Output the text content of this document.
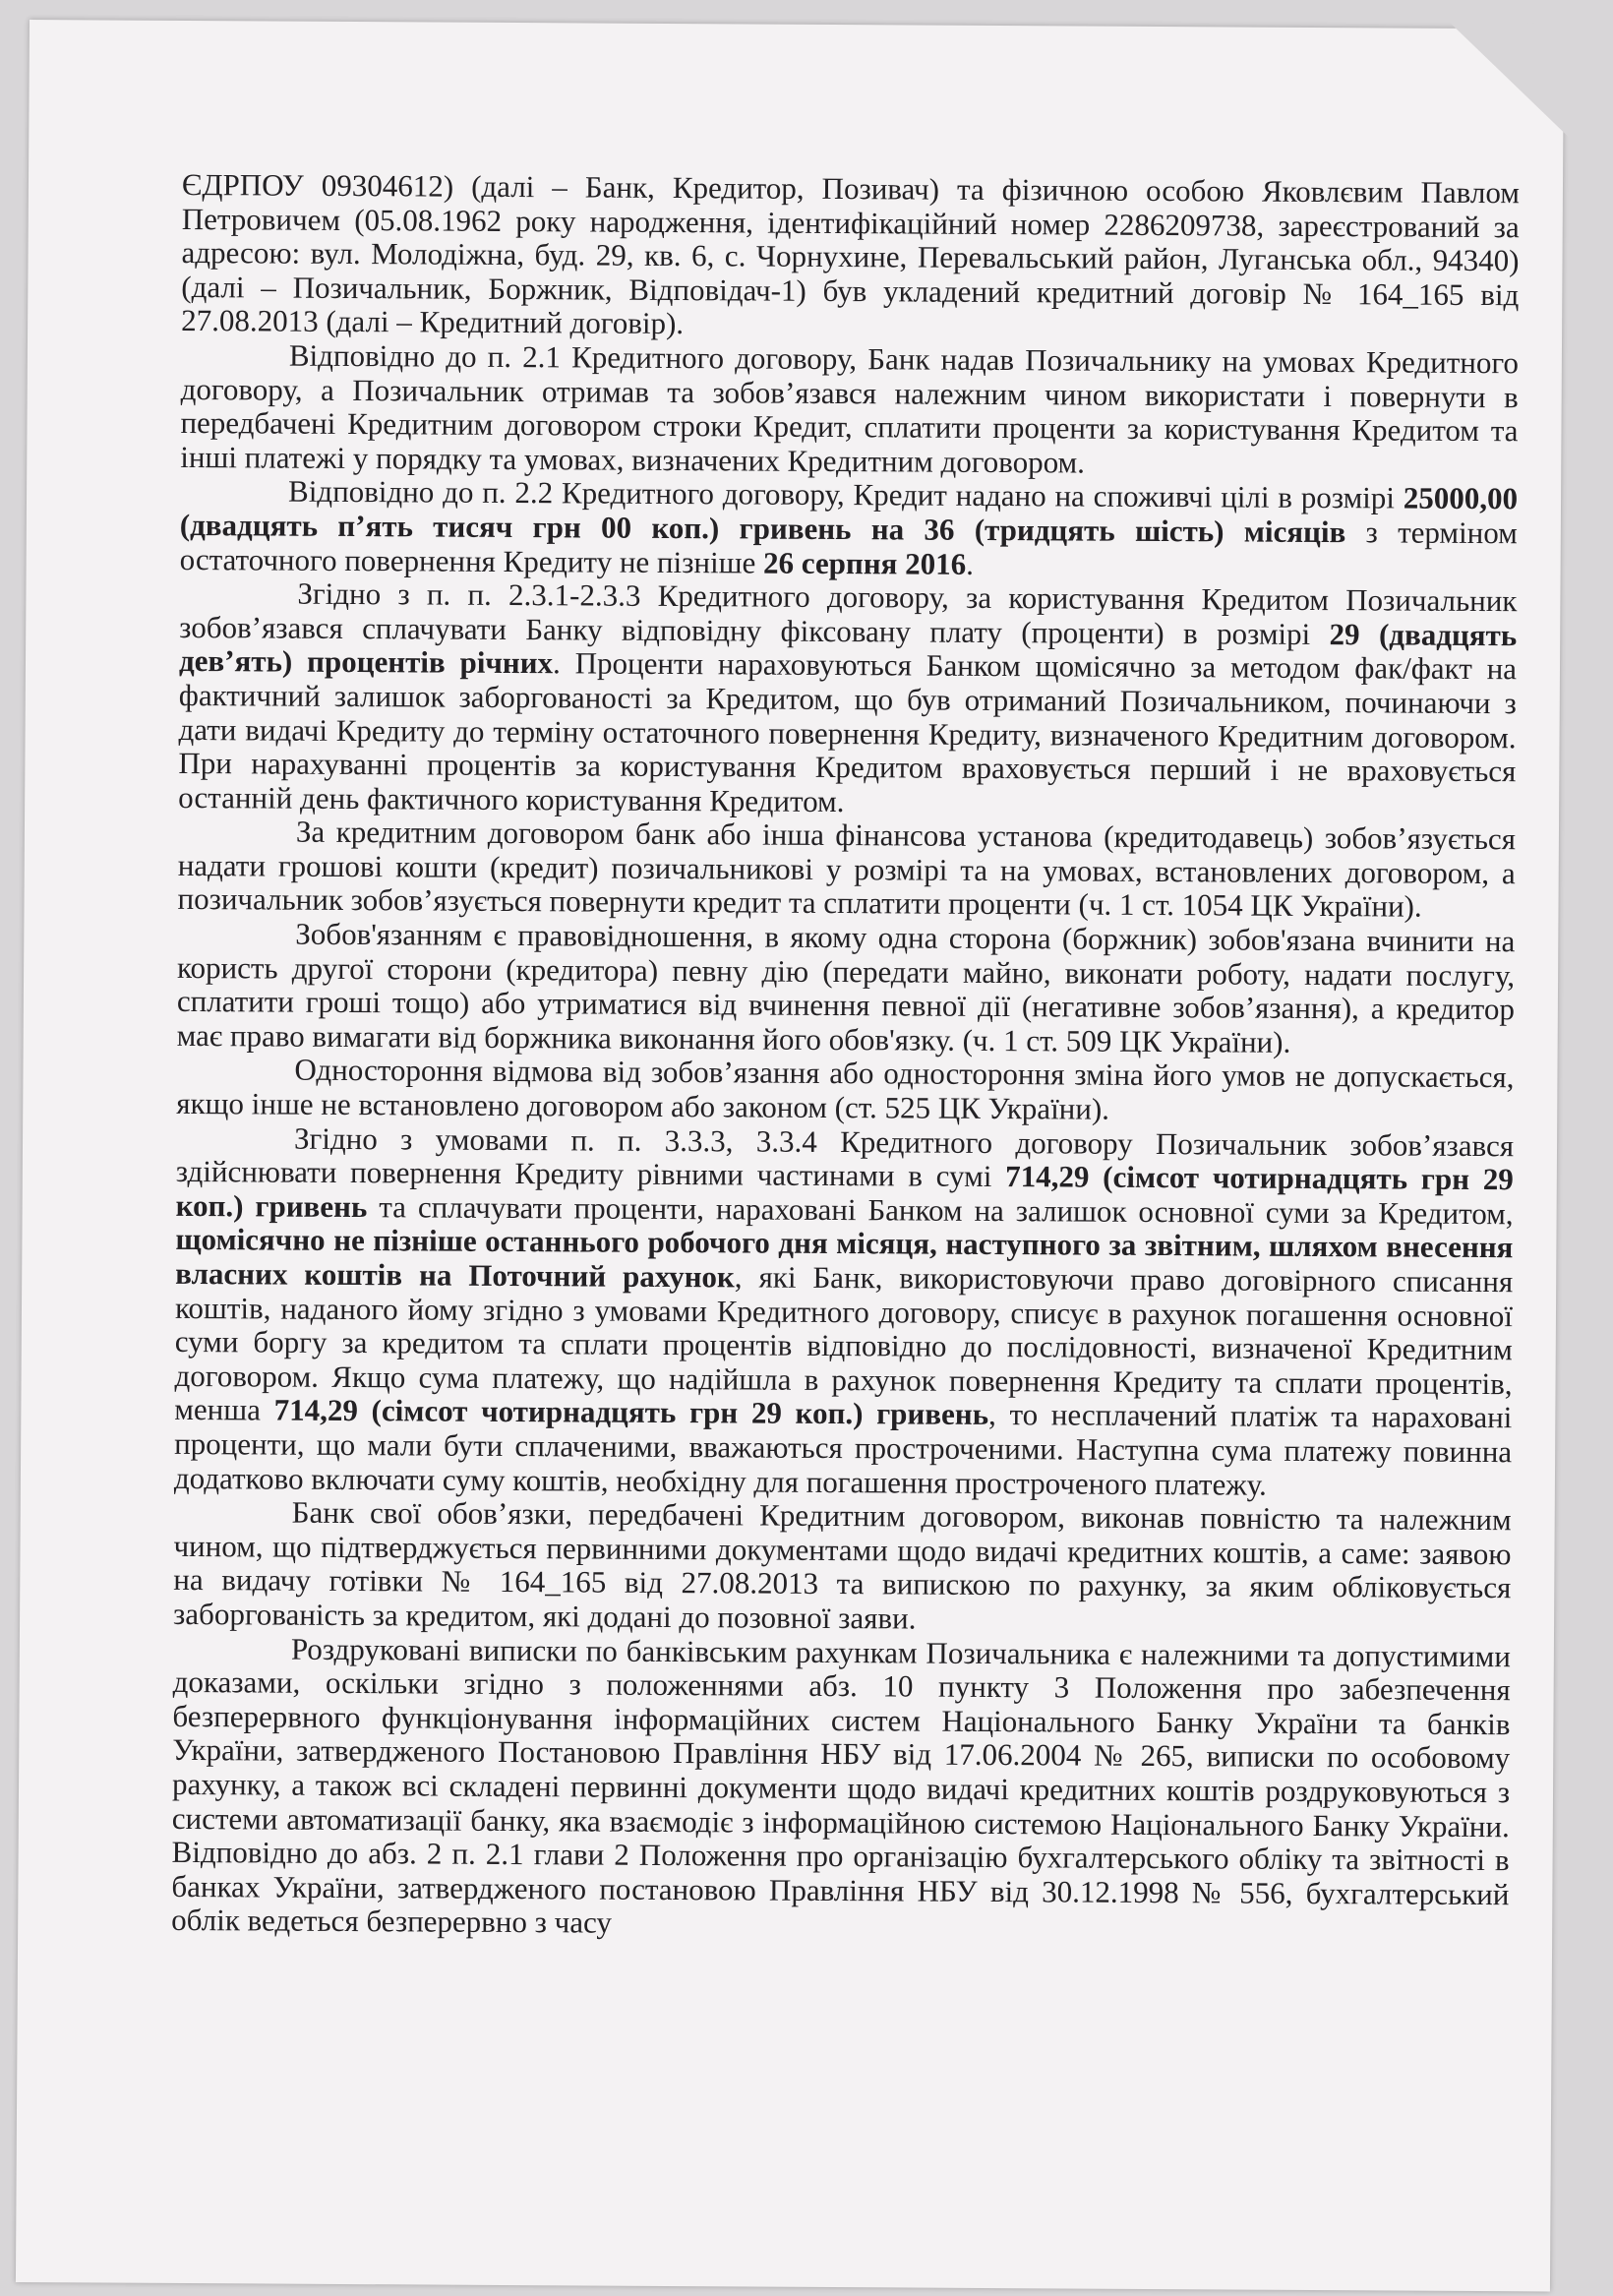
ЄДРПОУ 09304612) (далі – Банк, Кредитор, Позивач) та фізичною особою Яковлєвим Павлом Петровичем (05.08.1962 року народження, ідентифікаційний номер 2286209738, зареєстрований за адресою: вул. Молодіжна, буд. 29, кв. 6, с. Чорнухине, Перевальський район, Луганська обл., 94340) (далі – Позичальник, Боржник, Відповідач-1) був укладений кредитний договір № 164_165 від 27.08.2013 (далі – Кредитний договір).

Відповідно до п. 2.1 Кредитного договору, Банк надав Позичальнику на умовах Кредитного договору, а Позичальник отримав та зобов’язався належним чином використати і повернути в передбачені Кредитним договором строки Кредит, сплатити проценти за користування Кредитом та інші платежі у порядку та умовах, визначених Кредитним договором.

Відповідно до п. 2.2 Кредитного договору, Кредит надано на споживчі цілі в розмірі 25000,00 (двадцять п’ять тисяч грн 00 коп.) гривень на 36 (тридцять шість) місяців з терміном остаточного повернення Кредиту не пізніше 26 серпня 2016.

Згідно з п. п. 2.3.1-2.3.3 Кредитного договору, за користування Кредитом Позичальник зобов’язався сплачувати Банку відповідну фіксовану плату (проценти) в розмірі 29 (двадцять дев’ять) процентів річних. Проценти нараховуються Банком щомісячно за методом фак/факт на фактичний залишок заборгованості за Кредитом, що був отриманий Позичальником, починаючи з дати видачі Кредиту до терміну остаточного повернення Кредиту, визначеного Кредитним договором. При нарахуванні процентів за користування Кредитом враховується перший і не враховується останній день фактичного користування Кредитом.

За кредитним договором банк або інша фінансова установа (кредитодавець) зобов’язується надати грошові кошти (кредит) позичальникові у розмірі та на умовах, встановлених договором, а позичальник зобов’язується повернути кредит та сплатити проценти (ч. 1 ст. 1054 ЦК України).

Зобов'язанням є правовідношення, в якому одна сторона (боржник) зобов'язана вчинити на користь другої сторони (кредитора) певну дію (передати майно, виконати роботу, надати послугу, сплатити гроші тощо) або утриматися від вчинення певної дії (негативне зобов’язання), а кредитор має право вимагати від боржника виконання його обов'язку. (ч. 1 ст. 509 ЦК України).

Одностороння відмова від зобов’язання або одностороння зміна його умов не допускається, якщо інше не встановлено договором або законом (ст. 525 ЦК України).

Згідно з умовами п. п. 3.3.3, 3.3.4 Кредитного договору Позичальник зобов’язався здійснювати повернення Кредиту рівними частинами в сумі 714,29 (сімсот чотирнадцять грн 29 коп.) гривень та сплачувати проценти, нараховані Банком на залишок основної суми за Кредитом, щомісячно не пізніше останнього робочого дня місяця, наступного за звітним, шляхом внесення власних коштів на Поточний рахунок, які Банк, використовуючи право договірного списання коштів, наданого йому згідно з умовами Кредитного договору, списує в рахунок погашення основної суми боргу за кредитом та сплати процентів відповідно до послідовності, визначеної Кредитним договором. Якщо сума платежу, що надійшла в рахунок повернення Кредиту та сплати процентів, менша 714,29 (сімсот чотирнадцять грн 29 коп.) гривень, то несплачений платіж та нараховані проценти, що мали бути сплаченими, вважаються простроченими. Наступна сума платежу повинна додатково включати суму коштів, необхідну для погашення простроченого платежу.

Банк свої обов’язки, передбачені Кредитним договором, виконав повністю та належним чином, що підтверджується первинними документами щодо видачі кредитних коштів, а саме: заявою на видачу готівки № 164_165 від 27.08.2013 та випискою по рахунку, за яким обліковується заборгованість за кредитом, які додані до позовної заяви.

Роздруковані виписки по банківським рахункам Позичальника є належними та допустимими доказами, оскільки згідно з положеннями абз. 10 пункту 3 Положення про забезпечення безперервного функціонування інформаційних систем Національного Банку України та банків України, затвердженого Постановою Правління НБУ від 17.06.2004 № 265, виписки по особовому рахунку, а також всі складені первинні документи щодо видачі кредитних коштів роздруковуються з системи автоматизації банку, яка взаємодіє з інформаційною системою Національного Банку України. Відповідно до абз. 2 п. 2.1 глави 2 Положення про організацію бухгалтерського обліку та звітності в банках України, затвердженого постановою Правління НБУ від 30.12.1998 № 556, бухгалтерський облік ведеться безперервно з часу
